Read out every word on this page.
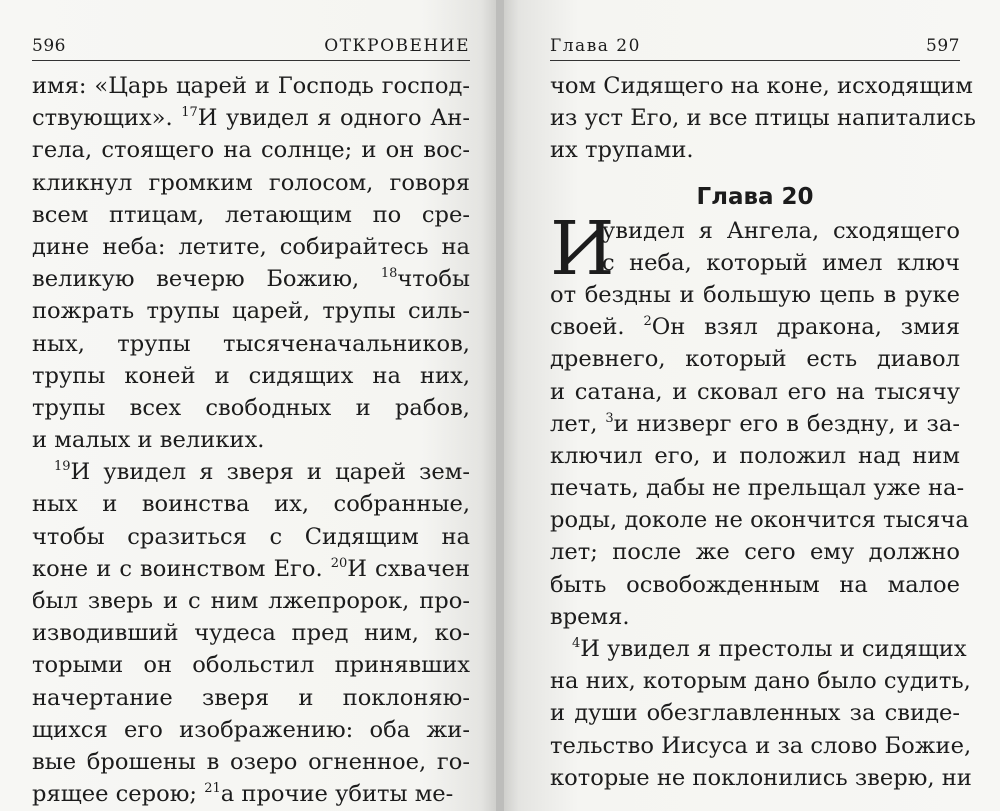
596	ОТКРОВЕНИЕ
имя: «Царь царей и Господь господ-
ствующих». $^{17}$И увидел я одного Ан-
гела, стоящего на солнце; и он вос-
кликнул громким голосом, говоря
всем птицам, летающим по сре-
дине неба: летите, собирайтесь на
великую вечерю Божию, $^{18}$чтобы
пожрать трупы царей, трупы силь-
ных, трупы тысяченачальников,
трупы коней и сидящих на них,
трупы всех свободных и рабов,
и малых и великих.
$^{19}$И увидел я зверя и царей зем-
ных и воинства их, собранные,
чтобы сразиться с Сидящим на
коне и с воинством Его. $^{20}$И схвачен
был зверь и с ним лжепророк, про-
изводивший чудеса пред ним, ко-
торыми он обольстил принявших
начертание зверя и поклоняю-
щихся его изображению: оба жи-
вые брошены в озеро огненное, го-
рящее серою; $^{21}$а прочие убиты ме-
Глава 20	597
чом Сидящего на коне, исходящим
из уст Его, и все птицы напитались
их трупами.
Глава 20
И
увидел я Ангела, сходящего
с неба, который имел ключ
от бездны и большую цепь в руке
своей. $^2$Он взял дракона, змия
древнего, который есть диавол
и сатана, и сковал его на тысячу
лет, $^3$и низверг его в бездну, и за-
ключил его, и положил над ним
печать, дабы не прельщал уже на-
роды, доколе не окончится тысяча
лет; после же сего ему должно
быть освобожденным на малое
время.
$^4$И увидел я престолы и сидящих
на них, которым дано было судить,
и души обезглавленных за свиде-
тельство Иисуса и за слово Божие,
которые не поклонились зверю, ни
